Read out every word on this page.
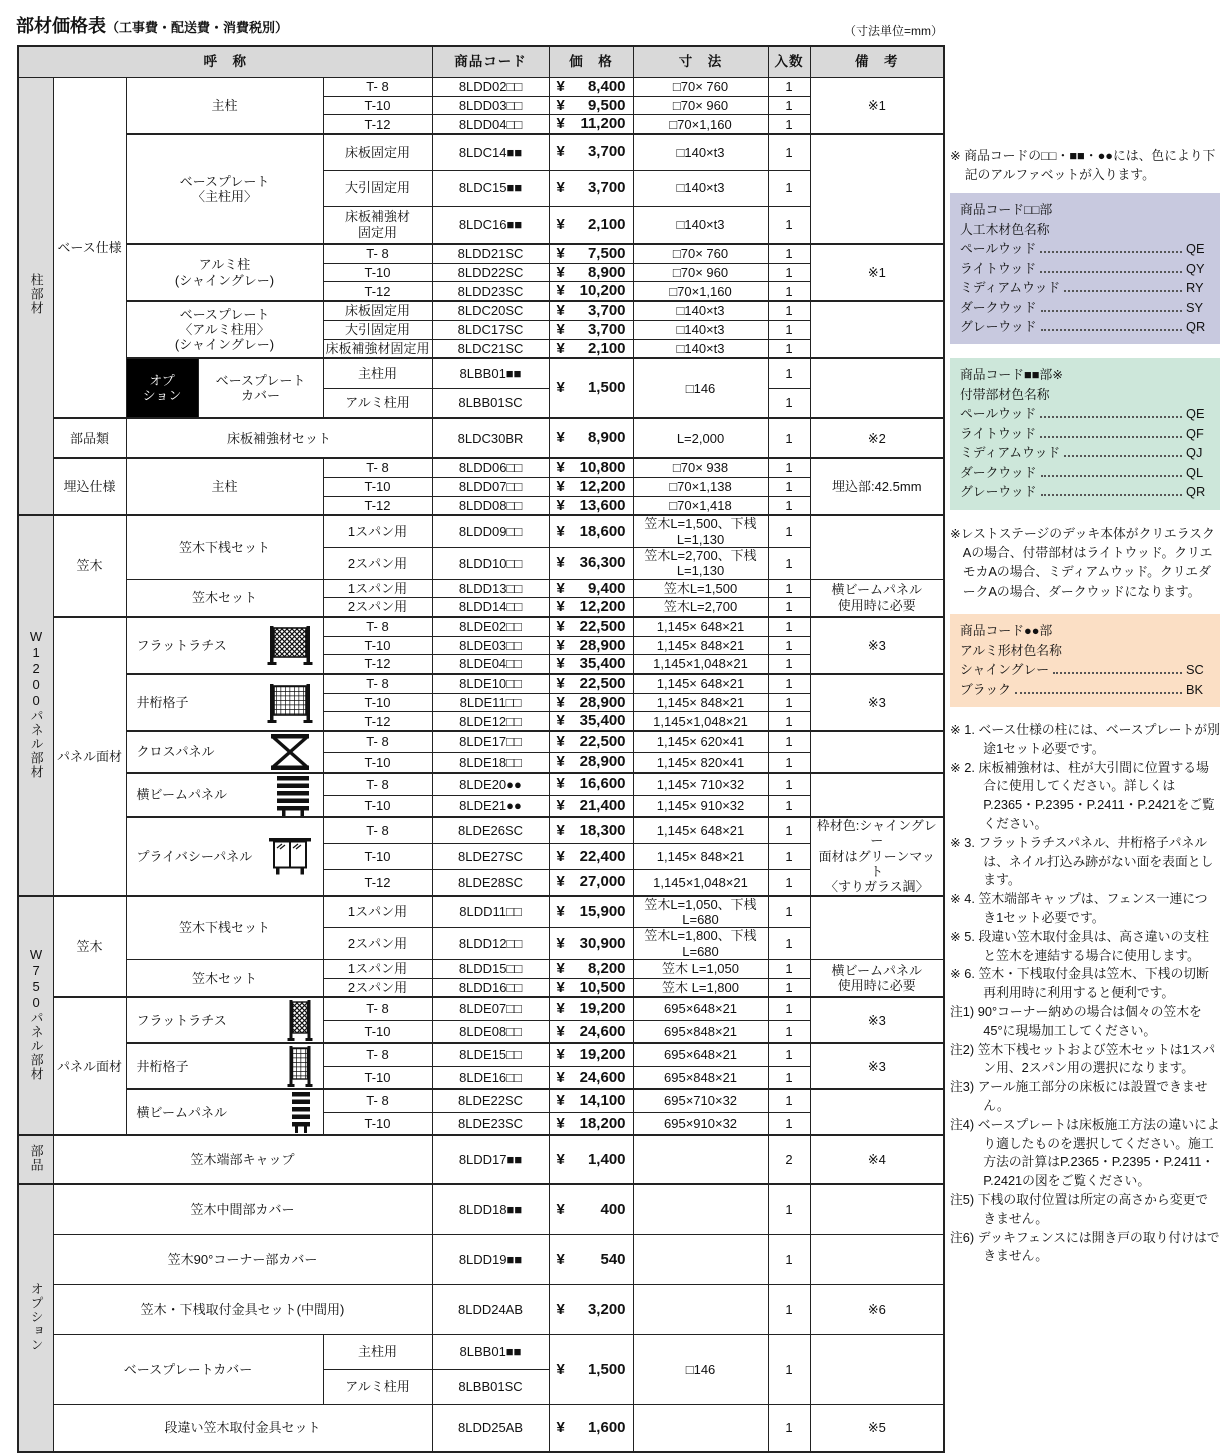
部材価格表（工事費・配送費・消費税別）	（寸法単位=mm）
呼　称					商品コード	価　格	寸　法	入数	備　考
柱部材	ベース仕様	主柱		T- 8	8LDD02□□	¥ 8,400	□70× 760	1	※1
				T-10	8LDD03□□	¥ 9,500	□70× 960	1	
				T-12	8LDD04□□	¥ 11,200	□70×1,160	1	
		ベースプレート
〈主柱用〉		床板固定用	8LDC14■■	¥ 3,700	□140×t3	1	
				大引固定用	8LDC15■■	¥ 3,700	□140×t3	1	
				床板補強材
固定用	8LDC16■■	¥ 2,100	□140×t3	1	
		アルミ柱
(シャイングレー)		T- 8	8LDD21SC	¥ 7,500	□70× 760	1	※1
				T-10	8LDD22SC	¥ 8,900	□70× 960	1	
				T-12	8LDD23SC	¥ 10,200	□70×1,160	1	
		ベースプレート
〈アルミ柱用〉
(シャイングレー)		床板固定用	8LDC20SC	¥ 3,700	□140×t3	1	
				大引固定用	8LDC17SC	¥ 3,700	□140×t3	1	
				床板補強材固定用	8LDC21SC	¥ 2,100	□140×t3	1	
		オプ
ション	ベースプレート
カバー	主柱用	8LBB01■■	¥ 1,500	□146	1	
				アルミ柱用	8LBB01SC			1	
	部品類	床板補強材セット			8LDC30BR	¥ 8,900	L=2,000	1	※2
	埋込仕様	主柱		T- 8	8LDD06□□	¥ 10,800	□70× 938	1	埋込部:42.5mm
				T-10	8LDD07□□	¥ 12,200	□70×1,138	1	
				T-12	8LDD08□□	¥ 13,600	□70×1,418	1	
W1200パネル部材	笠木	笠木下桟セット		1スパン用	8LDD09□□	¥ 18,600	笠木L=1,500、下桟L=1,130	1	
				2スパン用	8LDD10□□	¥ 36,300	笠木L=2,700、下桟L=1,130	1	
		笠木セット		1スパン用	8LDD13□□	¥ 9,400	笠木L=1,500	1	横ビームパネル
使用時に必要
				2スパン用	8LDD14□□	¥ 12,200	笠木L=2,700	1	
	パネル面材	フラットラチス		T- 8	8LDE02□□	¥ 22,500	1,145× 648×21	1	※3
				T-10	8LDE03□□	¥ 28,900	1,145× 848×21	1	
				T-12	8LDE04□□	¥ 35,400	1,145×1,048×21	1	

		井桁格子		T- 8	8LDE10□□	¥ 22,500	1,145× 648×21	1	※3
				T-10	8LDE11□□	¥ 28,900	1,145× 848×21	1	
				T-12	8LDE12□□	¥ 35,400	1,145×1,048×21	1	

		クロスパネル		T- 8	8LDE17□□	¥ 22,500	1,145× 620×41	1	
				T-10	8LDE18□□	¥ 28,900	1,145× 820×41	1	

		横ビームパネル		T- 8	8LDE20●●	¥ 16,600	1,145× 710×32	1	
				T-10	8LDE21●●	¥ 21,400	1,145× 910×32	1	

		プライバシーパネル		T- 8	8LDE26SC	¥ 18,300	1,145× 648×21	1	枠材色:シャイングレー
面材はグリーンマット
〈すりガラス調〉
				T-10	8LDE27SC	¥ 22,400	1,145× 848×21	1	
				T-12	8LDE28SC	¥ 27,000	1,145×1,048×21	1	
W750パネル部材	笠木	笠木下桟セット		1スパン用	8LDD11□□	¥ 15,900	笠木L=1,050、下桟L=680	1	
				2スパン用	8LDD12□□	¥ 30,900	笠木L=1,800、下桟L=680	1	
		笠木セット		1スパン用	8LDD15□□	¥ 8,200	笠木 L=1,050	1	横ビームパネル
使用時に必要
				2スパン用	8LDD16□□	¥ 10,500	笠木 L=1,800	1	
	パネル面材	フラットラチス		T- 8	8LDE07□□	¥ 19,200	695×648×21	1	※3
				T-10	8LDE08□□	¥ 24,600	695×848×21	1	

		井桁格子		T- 8	8LDE15□□	¥ 19,200	695×648×21	1	※3
				T-10	8LDE16□□	¥ 24,600	695×848×21	1	

		横ビームパネル		T- 8	8LDE22SC	¥ 14,100	695×710×32	1	
				T-10	8LDE23SC	¥ 18,200	695×910×32	1	
部品	笠木端部キャップ				8LDD17■■	¥ 1,400		2	※4
オプション	笠木中間部カバー				8LDD18■■	¥ 400		1	
	笠木90°コーナー部カバー				8LDD19■■	¥ 540		1	
	笠木・下桟取付金具セット(中間用)				8LDD24AB	¥ 3,200		1	※6
	ベースプレートカバー			主柱用	8LBB01■■	¥ 1,500	□146	1	
				アルミ柱用	8LBB01SC				
	段違い笠木取付金具セット				8LDD25AB	¥ 1,600		1	※5
※ 商品コードの□□・■■・●●には、色により下記のアルファベットが入ります。
商品コード□□部
人工木材色名称
ペールウッド	QE
ライトウッド	QY
ミディアムウッド	RY
ダークウッド	SY
グレーウッド	QR
商品コード■■部※
付帯部材色名称
ペールウッド	QE
ライトウッド	QF
ミディアムウッド	QJ
ダークウッド	QL
グレーウッド	QR
※レストステージのデッキ本体がクリエラスクAの場合、付帯部材はライトウッド。クリエモカAの場合、ミディアムウッド。クリエダークAの場合、ダークウッドになります。
商品コード●●部
アルミ形材色名称
シャイングレー	SC
ブラック	BK
※ 1. ベース仕様の柱には、ベースプレートが別途1セット必要です。
※ 2. 床板補強材は、柱が大引間に位置する場合に使用してください。詳しくはP.2365・P.2395・P.2411・P.2421をご覧ください。
※ 3. フラットラチスパネル、井桁格子パネルは、ネイル打込み跡がない面を表面とします。
※ 4. 笠木端部キャップは、フェンス一連につき1セット必要です。
※ 5. 段違い笠木取付金具は、高さ違いの支柱と笠木を連結する場合に使用します。
※ 6. 笠木・下桟取付金具は笠木、下桟の切断再利用時に利用すると便利です。
注1) 90°コーナー納めの場合は個々の笠木を45°に現場加工してください。
注2) 笠木下桟セットおよび笠木セットは1スパン用、2スパン用の選択になります。
注3) アール施工部分の床板には設置できません。
注4) ベースプレートは床板施工方法の違いにより適したものを選択してください。施工方法の計算はP.2365・P.2395・P.2411・P.2421の図をご覧ください。
注5) 下桟の取付位置は所定の高さから変更できません。
注6) デッキフェンスには開き戸の取り付けはできません。
